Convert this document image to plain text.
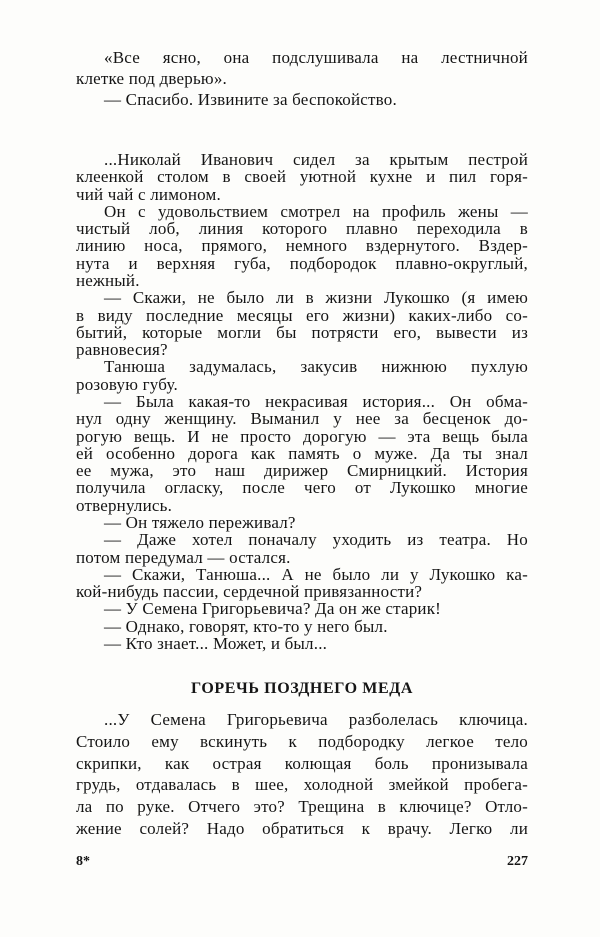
«Все ясно, она подслушивала на лестничной
клетке под дверью».
— Спасибо. Извините за беспокойство.
...Николай Иванович сидел за крытым пестрой
клеенкой столом в своей уютной кухне и пил горя-
чий чай с лимоном.
Он с удовольствием смотрел на профиль жены —
чистый лоб, линия которого плавно переходила в
линию носа, прямого, немного вздернутого. Вздер-
нута и верхняя губа, подбородок плавно-округлый,
нежный.
— Скажи, не было ли в жизни Лукошко (я имею
в виду последние месяцы его жизни) каких-либо со-
бытий, которые могли бы потрясти его, вывести из
равновесия?
Танюша задумалась, закусив нижнюю пухлую
розовую губу.
— Была какая-то некрасивая история... Он обма-
нул одну женщину. Выманил у нее за бесценок до-
рогую вещь. И не просто дорогую — эта вещь была
ей особенно дорога как память о муже. Да ты знал
ее мужа, это наш дирижер Смирницкий. История
получила огласку, после чего от Лукошко многие
отвернулись.
— Он тяжело переживал?
— Даже хотел поначалу уходить из театра. Но
потом передумал — остался.
— Скажи, Танюша... А не было ли у Лукошко ка-
кой-нибудь пассии, сердечной привязанности?
— У Семена Григорьевича? Да он же старик!
— Однако, говорят, кто-то у него был.
— Кто знает... Может, и был...
ГОРЕЧЬ ПОЗДНЕГО МЕДА
...У Семена Григорьевича разболелась ключица.
Стоило ему вскинуть к подбородку легкое тело
скрипки, как острая колющая боль пронизывала
грудь, отдавалась в шее, холодной змейкой пробега-
ла по руке. Отчего это? Трещина в ключице? Отло-
жение солей? Надо обратиться к врачу. Легко ли
8*	227
